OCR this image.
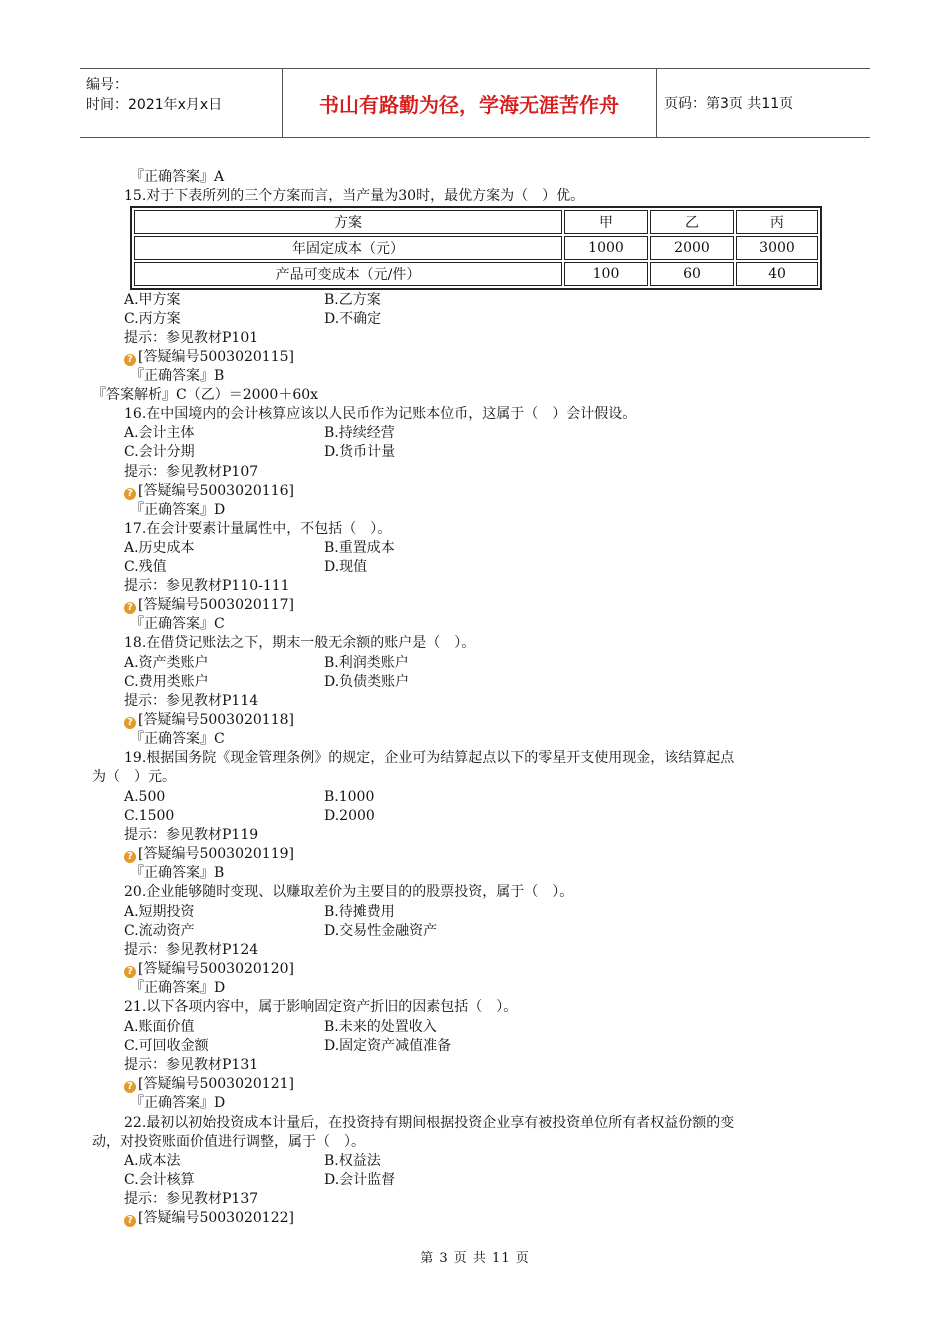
编号：
时间：2021年x月x日	书山有路勤为径，学海无涯苦作舟	页码：第3页 共11页
『正确答案』A
15.对于下表所列的三个方案而言，当产量为30时，最优方案为（　）优。
方案	甲	乙	丙
年固定成本（元）	1000	2000	3000
产品可变成本（元/件）	100	60	40
A.甲方案	B.乙方案
C.丙方案	D.不确定
提示：参见教材P101
? [答疑编号5003020115]
『正确答案』B
『答案解析』C（乙）＝2000＋60x
16.在中国境内的会计核算应该以人民币作为记账本位币，这属于（　）会计假设。
A.会计主体	B.持续经营
C.会计分期	D.货币计量
提示：参见教材P107
? [答疑编号5003020116]
『正确答案』D
17.在会计要素计量属性中，不包括（　）。
A.历史成本	B.重置成本
C.残值	D.现值
提示：参见教材P110-111
? [答疑编号5003020117]
『正确答案』C
18.在借贷记账法之下，期末一般无余额的账户是（　）。
A.资产类账户	B.利润类账户
C.费用类账户	D.负债类账户
提示：参见教材P114
? [答疑编号5003020118]
『正确答案』C
19.根据国务院《现金管理条例》的规定，企业可为结算起点以下的零星开支使用现金，该结算起点
为（　）元。
A.500	B.1000
C.1500	D.2000
提示：参见教材P119
? [答疑编号5003020119]
『正确答案』B
20.企业能够随时变现、以赚取差价为主要目的的股票投资，属于（　）。
A.短期投资	B.待摊费用
C.流动资产	D.交易性金融资产
提示：参见教材P124
? [答疑编号5003020120]
『正确答案』D
21.以下各项内容中，属于影响固定资产折旧的因素包括（　）。
A.账面价值	B.未来的处置收入
C.可回收金额	D.固定资产减值准备
提示：参见教材P131
? [答疑编号5003020121]
『正确答案』D
22.最初以初始投资成本计量后，在投资持有期间根据投资企业享有被投资单位所有者权益份额的变
动，对投资账面价值进行调整，属于（　）。
A.成本法	B.权益法
C.会计核算	D.会计监督
提示：参见教材P137
? [答疑编号5003020122]
第 3 页 共 11 页
